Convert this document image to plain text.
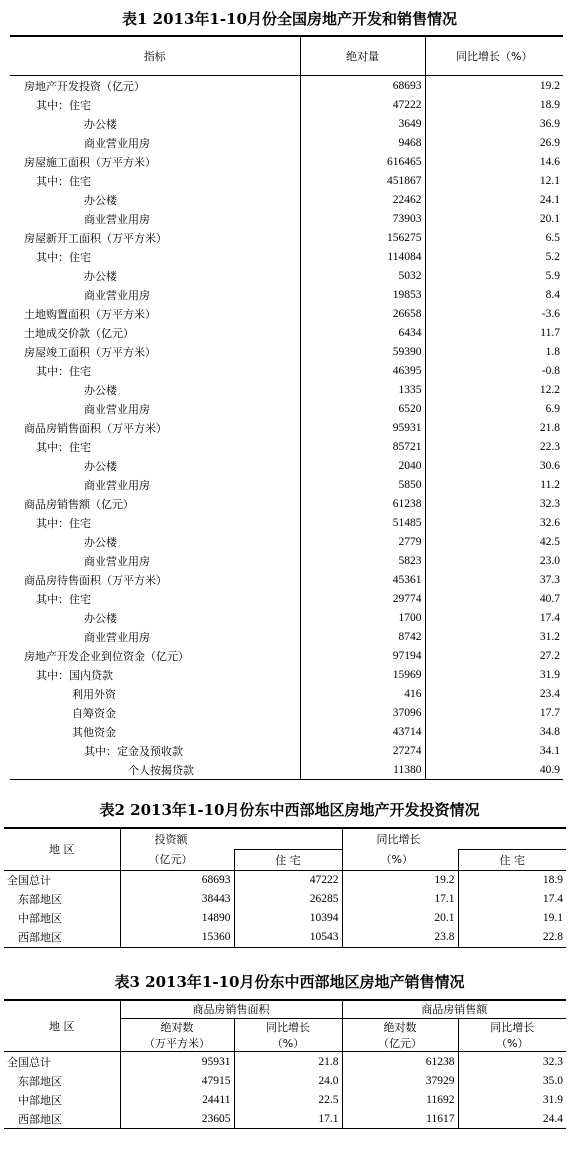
表1 2013年1-10月份全国房地产开发和销售情况
指标	绝对量	同比增长（%）
房地产开发投资（亿元）	68693	19.2
其中：住宅	47222	18.9
办公楼	3649	36.9
商业营业用房	9468	26.9
房屋施工面积（万平方米）	616465	14.6
其中：住宅	451867	12.1
办公楼	22462	24.1
商业营业用房	73903	20.1
房屋新开工面积（万平方米）	156275	6.5
其中：住宅	114084	5.2
办公楼	5032	5.9
商业营业用房	19853	8.4
土地购置面积（万平方米）	26658	-3.6
土地成交价款（亿元）	6434	11.7
房屋竣工面积（万平方米）	59390	1.8
其中：住宅	46395	-0.8
办公楼	1335	12.2
商业营业用房	6520	6.9
商品房销售面积（万平方米）	95931	21.8
其中：住宅	85721	22.3
办公楼	2040	30.6
商业营业用房	5850	11.2
商品房销售额（亿元）	61238	32.3
其中：住宅	51485	32.6
办公楼	2779	42.5
商业营业用房	5823	23.0
商品房待售面积（万平方米）	45361	37.3
其中：住宅	29774	40.7
办公楼	1700	17.4
商业营业用房	8742	31.2
房地产开发企业到位资金（亿元）	97194	27.2
其中：国内贷款	15969	31.9
利用外资	416	23.4
自筹资金	37096	17.7
其他资金	43714	34.8
其中：定金及预收款	27274	34.1
个人按揭贷款	11380	40.9
表2 2013年1-10月份东中西部地区房地产开发投资情况
地 区	投资额		同比增长	
	（亿元）	住 宅	（%）	住 宅
全国总计	68693	47222	19.2	18.9
东部地区	38443	26285	17.1	17.4
中部地区	14890	10394	20.1	19.1
西部地区	15360	10543	23.8	22.8
表3 2013年1-10月份东中西部地区房地产销售情况
地 区	商品房销售面积		商品房销售额	
	绝对数	同比增长	绝对数	同比增长
	（万平方米）	（%）	（亿元）	（%）
全国总计	95931	21.8	61238	32.3
东部地区	47915	24.0	37929	35.0
中部地区	24411	22.5	11692	31.9
西部地区	23605	17.1	11617	24.4
